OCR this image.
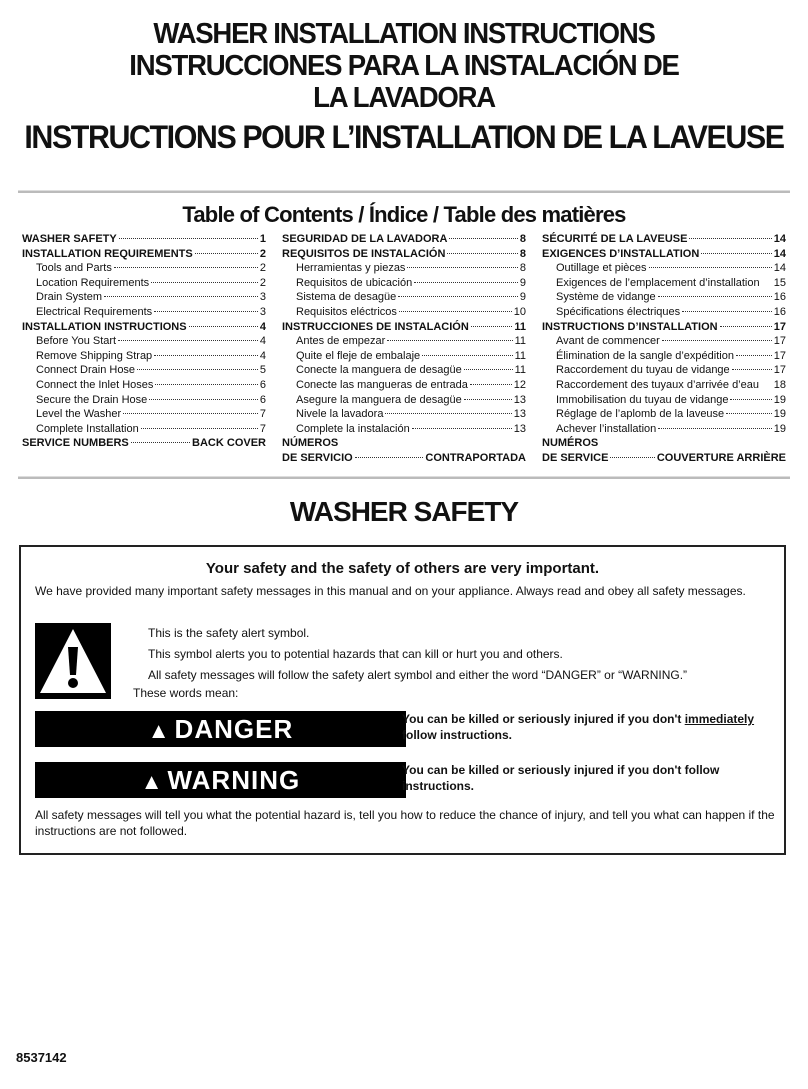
WASHER INSTALLATION INSTRUCTIONS
INSTRUCCIONES PARA LA INSTALACIÓN DE
LA LAVADORA
INSTRUCTIONS POUR L’INSTALLATION DE LA LAVEUSE
Table of Contents / Índice / Table des matières
WASHER SAFETY	1
INSTALLATION REQUIREMENTS	2
Tools and Parts	2
Location Requirements	2
Drain System	3
Electrical Requirements	3
INSTALLATION INSTRUCTIONS	4
Before You Start	4
Remove Shipping Strap	4
Connect Drain Hose	5
Connect the Inlet Hoses	6
Secure the Drain Hose	6
Level the Washer	7
Complete Installation	7
SERVICE NUMBERS	BACK COVER
SEGURIDAD DE LA LAVADORA	8
REQUISITOS DE INSTALACIÓN	8
Herramientas y piezas	8
Requisitos de ubicación	9
Sistema de desagüe	9
Requisitos eléctricos	10
INSTRUCCIONES DE INSTALACIÓN	11
Antes de empezar	11
Quite el fleje de embalaje	11
Conecte la manguera de desagüe	11
Conecte las mangueras de entrada	12
Asegure la manguera de desagüe	13
Nivele la lavadora	13
Complete la instalación	13
NÚMEROS
DE SERVICIO	CONTRAPORTADA
SÉCURITÉ DE LA LAVEUSE	14
EXIGENCES D’INSTALLATION	14
Outillage et pièces	14
Exigences de l’emplacement d’installation 15
Système de vidange	16
Spécifications électriques	16
INSTRUCTIONS D’INSTALLATION	17
Avant de commencer	17
Élimination de la sangle d’expédition	17
Raccordement du tuyau de vidange	17
Raccordement des tuyaux d’arrivée d’eau 18
Immobilisation du tuyau de vidange	19
Réglage de l’aplomb de la laveuse	19
Achever l’installation	19
NUMÉROS
DE SERVICE	COUVERTURE ARRIÈRE
WASHER SAFETY
Your safety and the safety of others are very important.
We have provided many important safety messages in this manual and on your appliance. Always read and obey all safety messages.
This is the safety alert symbol.
This symbol alerts you to potential hazards that can kill or hurt you and others.
All safety messages will follow the safety alert symbol and either the word “DANGER” or “WARNING.”
These words mean:
▲ DANGER	You can be killed or seriously injured if you don't immediately
follow instructions.
▲ WARNING	You can be killed or seriously injured if you don't follow instructions.
All safety messages will tell you what the potential hazard is, tell you how to reduce the chance of injury, and tell you what can happen if the instructions are not followed.
8537142
